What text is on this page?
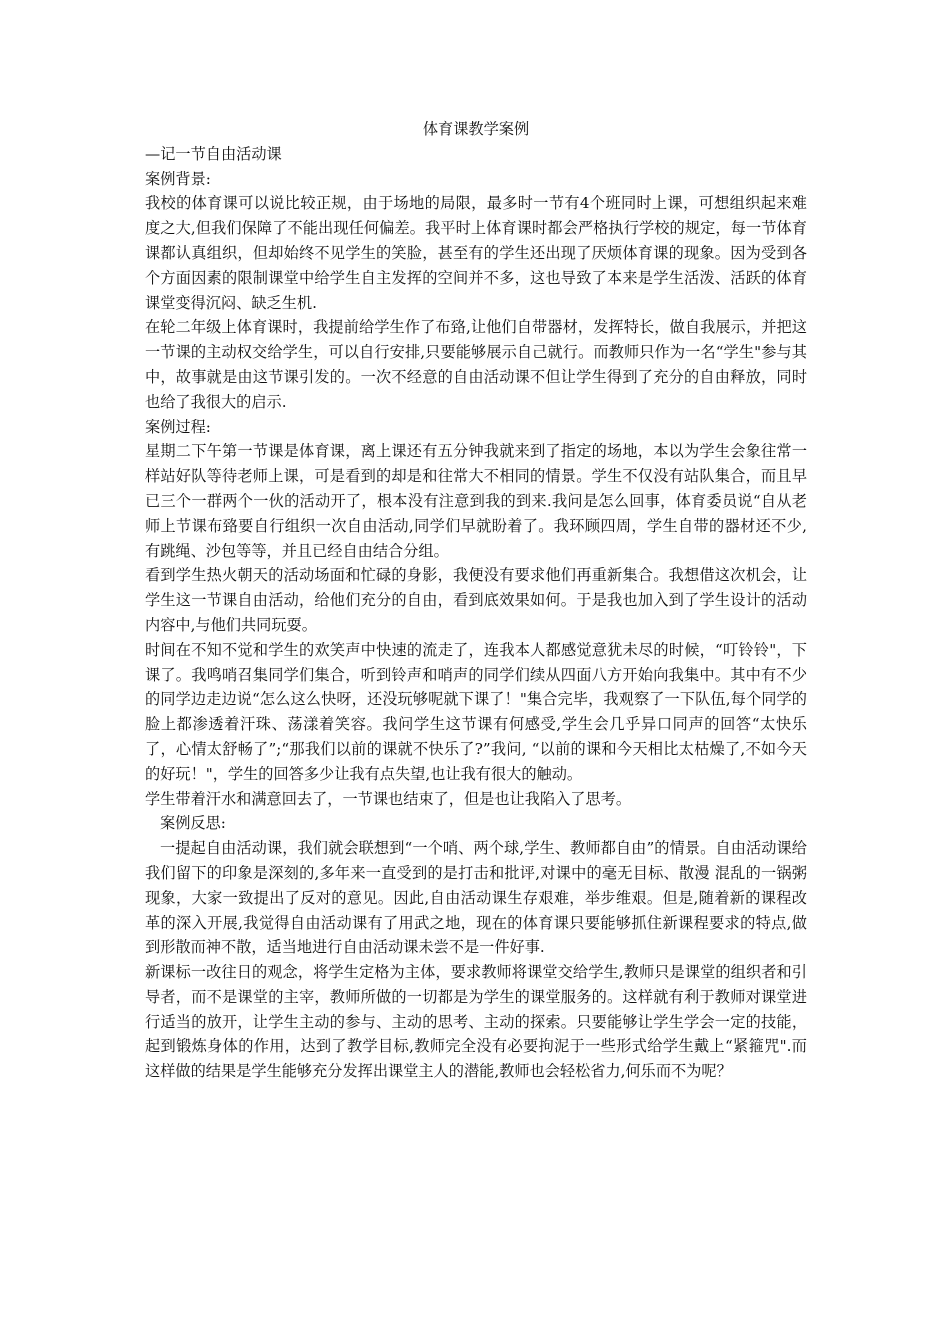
体育课教学案例
—记一节自由活动课
案例背景:

我校的体育课可以说比较正规，由于场地的局限，最多时一节有4个班同时上课，可想组织起来难度之大,但我们保障了不能出现任何偏差。我平时上体育课时都会严格执行学校的规定，每一节体育课都认真组织，但却始终不见学生的笑脸，甚至有的学生还出现了厌烦体育课的现象。因为受到各个方面因素的限制课堂中给学生自主发挥的空间并不多，这也导致了本来是学生活泼、活跃的体育课堂变得沉闷、缺乏生机.

在轮二年级上体育课时，我提前给学生作了布臵,让他们自带器材，发挥特长，做自我展示，并把这一节课的主动权交给学生，可以自行安排,只要能够展示自己就行。而教师只作为一名“学生"参与其中，故事就是由这节课引发的。一次不经意的自由活动课不但让学生得到了充分的自由释放，同时也给了我很大的启示.

案例过程:

星期二下午第一节课是体育课，离上课还有五分钟我就来到了指定的场地，本以为学生会象往常一样站好队等待老师上课，可是看到的却是和往常大不相同的情景。学生不仅没有站队集合，而且早已三个一群两个一伙的活动开了，根本没有注意到我的到来.我问是怎么回事，体育委员说“自从老师上节课布臵要自行组织一次自由活动,同学们早就盼着了。我环顾四周，学生自带的器材还不少,有跳绳、沙包等等，并且已经自由结合分组。

看到学生热火朝天的活动场面和忙碌的身影，我便没有要求他们再重新集合。我想借这次机会，让学生这一节课自由活动，给他们充分的自由，看到底效果如何。于是我也加入到了学生设计的活动内容中,与他们共同玩耍。

时间在不知不觉和学生的欢笑声中快速的流走了，连我本人都感觉意犹未尽的时候，“叮铃铃"，下课了。我鸣哨召集同学们集合，听到铃声和哨声的同学们续从四面八方开始向我集中。其中有不少的同学边走边说“怎么这么快呀，还没玩够呢就下课了！"集合完毕，我观察了一下队伍,每个同学的脸上都渗透着汗珠、荡漾着笑容。我问学生这节课有何感受,学生会几乎异口同声的回答“太快乐了，心情太舒畅了”;“那我们以前的课就不快乐了?”我问, “以前的课和今天相比太枯燥了,不如今天的好玩！"，学生的回答多少让我有点失望,也让我有很大的触动。

学生带着汗水和满意回去了，一节课也结束了，但是也让我陷入了思考。

案例反思:

一提起自由活动课，我们就会联想到“一个哨、两个球,学生、教师都自由”的情景。自由活动课给我们留下的印象是深刻的,多年来一直受到的是打击和批评,对课中的毫无目标、散漫 混乱的一锅粥现象，大家一致提出了反对的意见。因此,自由活动课生存艰难，举步维艰。但是,随着新的课程改革的深入开展,我觉得自由活动课有了用武之地，现在的体育课只要能够抓住新课程要求的特点,做到形散而神不散，适当地进行自由活动课未尝不是一件好事.

新课标一改往日的观念，将学生定格为主体，要求教师将课堂交给学生,教师只是课堂的组织者和引导者，而不是课堂的主宰，教师所做的一切都是为学生的课堂服务的。这样就有利于教师对课堂进行适当的放开，让学生主动的参与、主动的思考、主动的探索。只要能够让学生学会一定的技能，起到锻炼身体的作用，达到了教学目标,教师完全没有必要拘泥于一些形式给学生戴上“紧箍咒".而这样做的结果是学生能够充分发挥出课堂主人的潜能,教师也会轻松省力,何乐而不为呢？
